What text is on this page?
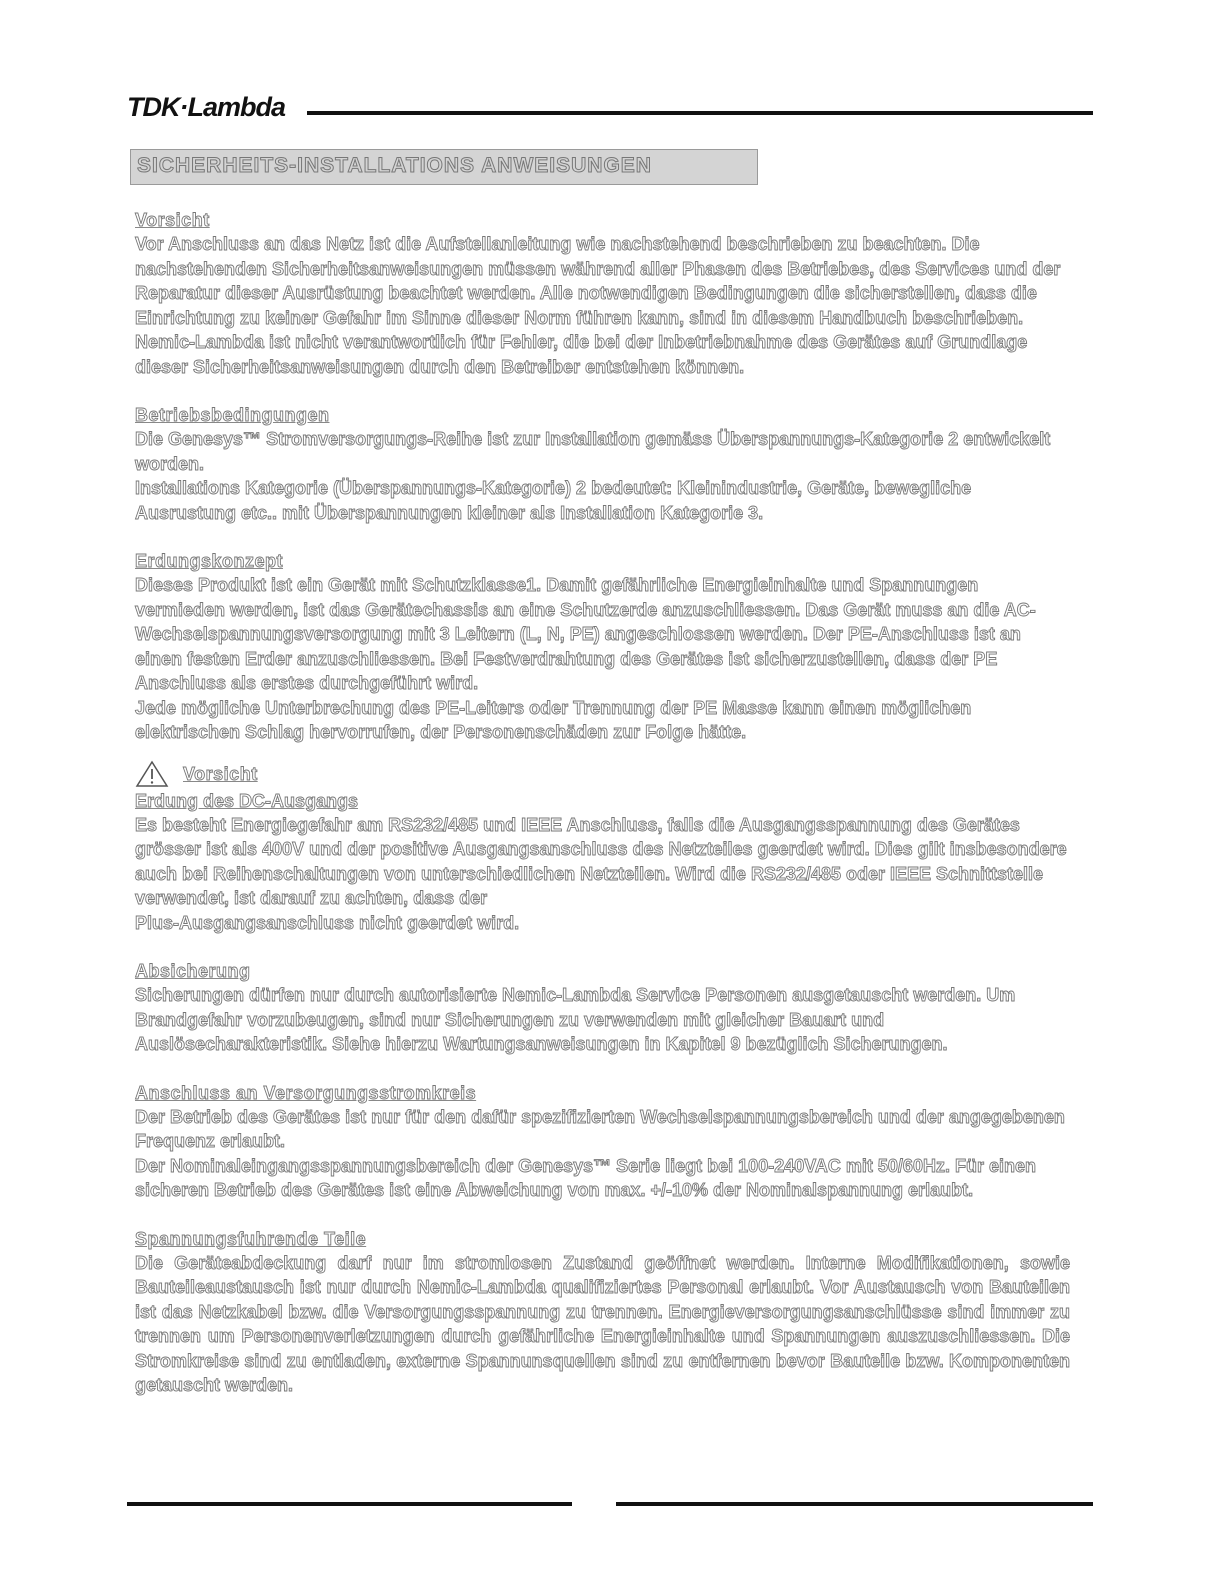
TDK·Lambda
SICHERHEITS-INSTALLATIONS ANWEISUNGEN
Vorsicht

Vor Anschluss an das Netz ist die Aufstellanleitung wie nachstehend beschrieben zu beachten. Die nachstehenden Sicherheitsanweisungen müssen während aller Phasen des Betriebes, des Services und der Reparatur dieser Ausrüstung beachtet werden. Alle notwendigen Bedingungen die sicherstellen, dass die Einrichtung zu keiner Gefahr im Sinne dieser Norm führen kann, sind in diesem Handbuch beschrieben.

Nemic-Lambda ist nicht verantwortlich für Fehler, die bei der Inbetriebnahme des Gerätes auf Grundlage dieser Sicherheitsanweisungen durch den Betreiber entstehen können.

Betriebsbedingungen

Die Genesys™ Stromversorgungs-Reihe ist zur Installation gemäss Überspannungs-Kategorie 2 entwickelt worden.

Installations Kategorie (Überspannungs-Kategorie) 2 bedeutet: Kleinindustrie, Geräte, bewegliche Ausrustung etc.. mit Überspannungen kleiner als Installation Kategorie 3.

Erdungskonzept

Dieses Produkt ist ein Gerät mit Schutzklasse1. Damit gefährliche Energieinhalte und Spannungen vermieden werden, ist das Gerätechassis an eine Schutzerde anzuschliessen. Das Gerät muss an die AC-Wechselspannungsversorgung mit 3 Leitern (L, N, PE) angeschlossen werden. Der PE-Anschluss ist an einen festen Erder anzuschliessen. Bei Festverdrahtung des Gerätes ist sicherzustellen, dass der PE Anschluss als erstes durchgeführt wird.

Jede mögliche Unterbrechung des PE-Leiters oder Trennung der PE Masse kann einen möglichen elektrischen Schlag hervorrufen, der Personenschäden zur Folge hätte.

Vorsicht
Erdung des DC-Ausgangs

Es besteht Energiegefahr am RS232/485 und IEEE Anschluss, falls die Ausgangsspannung des Gerätes grösser ist als 400V und der positive Ausgangsanschluss des Netzteiles geerdet wird. Dies gilt insbesondere auch bei Reihenschaltungen von unterschiedlichen Netzteilen. Wird die RS232/485 oder IEEE Schnittstelle verwendet, ist darauf zu achten, dass der

Plus-Ausgangsanschluss nicht geerdet wird.

Absicherung

Sicherungen dürfen nur durch autorisierte Nemic-Lambda Service Personen ausgetauscht werden. Um Brandgefahr vorzubeugen, sind nur Sicherungen zu verwenden mit gleicher Bauart und Auslösecharakteristik. Siehe hierzu Wartungsanweisungen in Kapitel 9 bezüglich Sicherungen.

Anschluss an Versorgungsstromkreis

Der Betrieb des Gerätes ist nur für den dafür spezifizierten Wechselspannungsbereich und der angegebenen Frequenz erlaubt.

Der Nominaleingangsspannungsbereich der Genesys™ Serie liegt bei 100-240VAC mit 50/60Hz. Für einen sicheren Betrieb des Gerätes ist eine Abweichung von max. +/-10% der Nominalspannung erlaubt.

Spannungsfuhrende Teile

Die Geräteabdeckung darf nur im stromlosen Zustand geöffnet werden. Interne Modifikationen, sowie Bauteileaustausch ist nur durch Nemic-Lambda qualifiziertes Personal erlaubt. Vor Austausch von Bauteilen ist das Netzkabel bzw. die Versorgungsspannung zu trennen. Energieversorgungsanschlüsse sind immer zu trennen um Personenverletzungen durch gefährliche Energieinhalte und Spannungen auszuschliessen. Die Stromkreise sind zu entladen, externe Spannunsquellen sind zu entfernen bevor Bauteile bzw. Komponenten getauscht werden.
